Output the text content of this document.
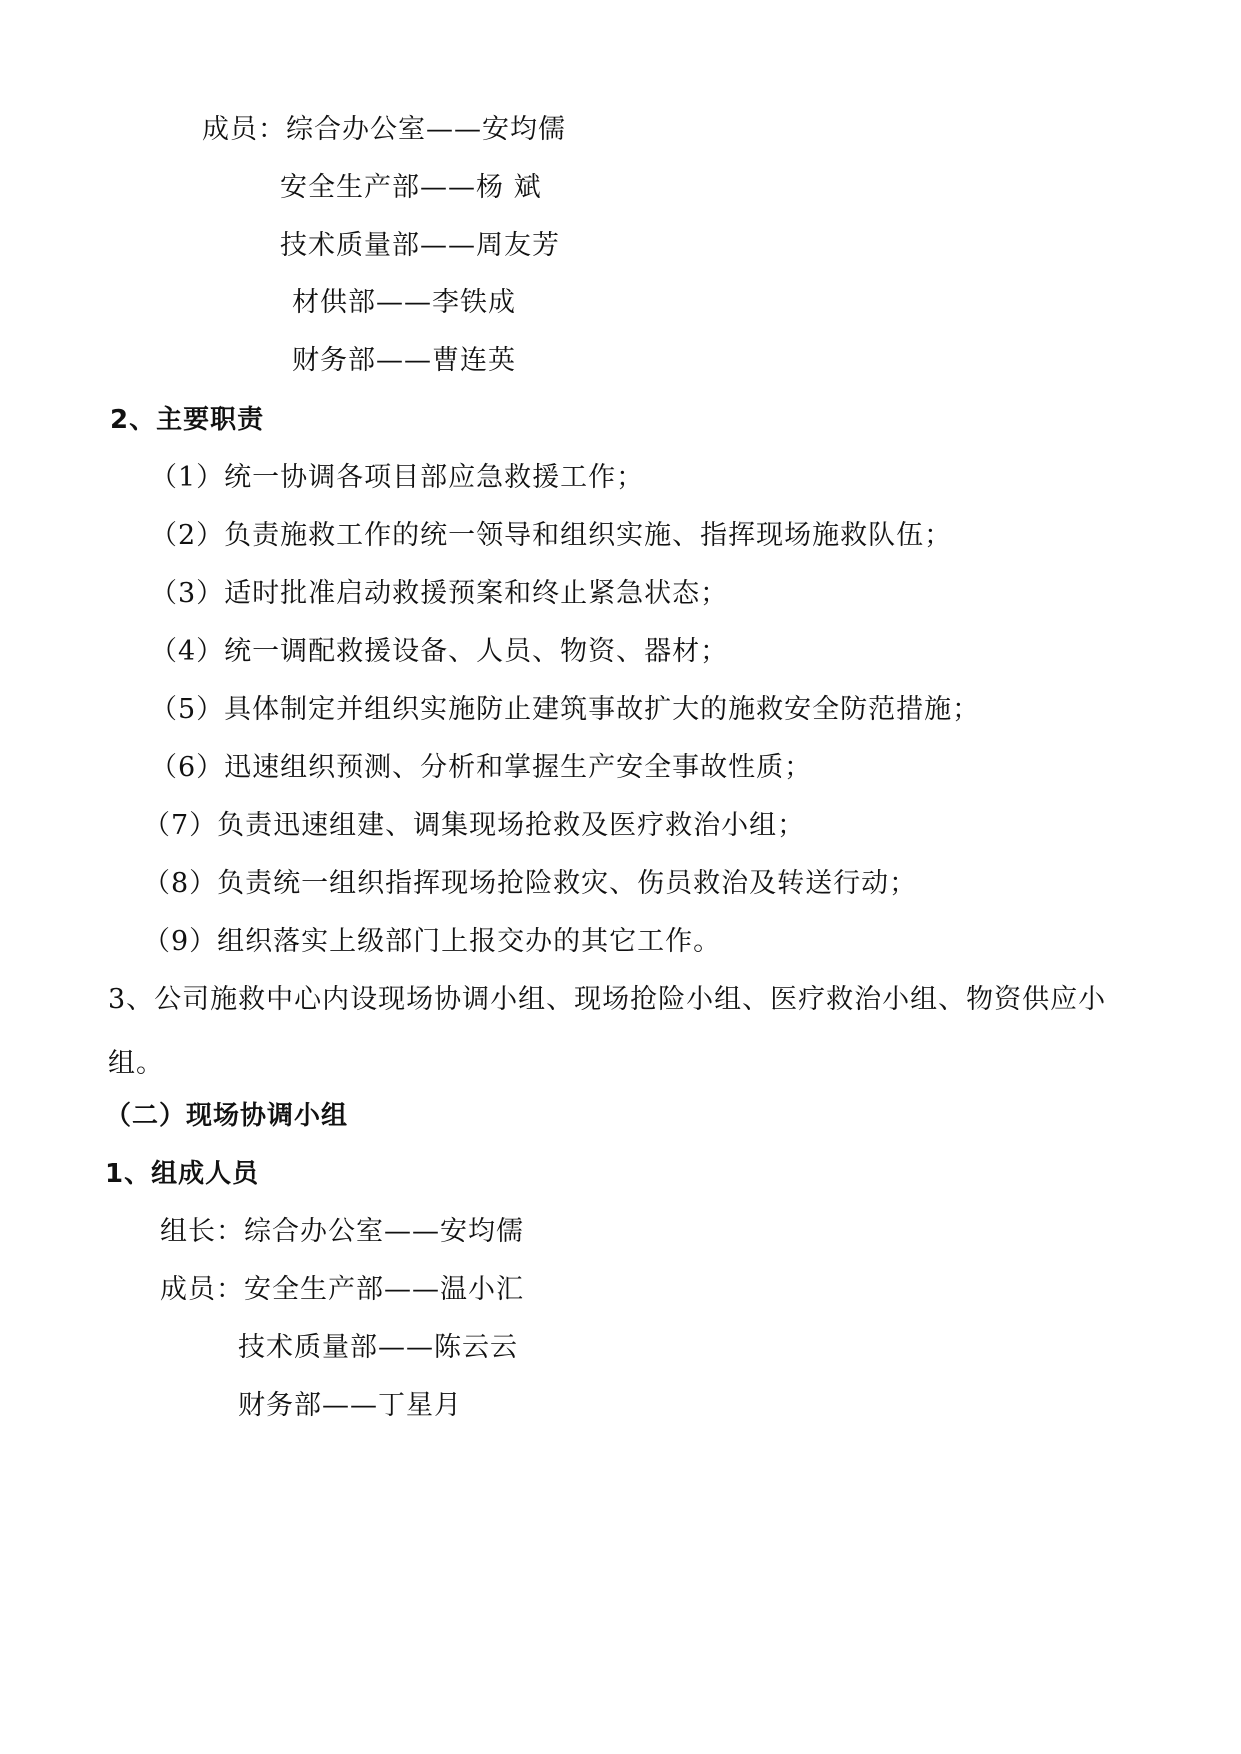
成员：综合办公室——安均儒

安全生产部——杨 斌

技术质量部——周友芳

材供部——李铁成

财务部——曹连英

2、主要职责

（1）统一协调各项目部应急救援工作；

（2）负责施救工作的统一领导和组织实施、指挥现场施救队伍；

（3）适时批准启动救援预案和终止紧急状态；

（4）统一调配救援设备、人员、物资、器材；

（5）具体制定并组织实施防止建筑事故扩大的施救安全防范措施；

（6）迅速组织预测、分析和掌握生产安全事故性质；

（7）负责迅速组建、调集现场抢救及医疗救治小组；

（8）负责统一组织指挥现场抢险救灾、伤员救治及转送行动；

（9）组织落实上级部门上报交办的其它工作。

3、公司施救中心内设现场协调小组、现场抢险小组、医疗救治小组、物资供应小组。

（二）现场协调小组

1、组成人员

组长：综合办公室——安均儒

成员：安全生产部——温小汇

技术质量部——陈云云

财务部——丁星月
